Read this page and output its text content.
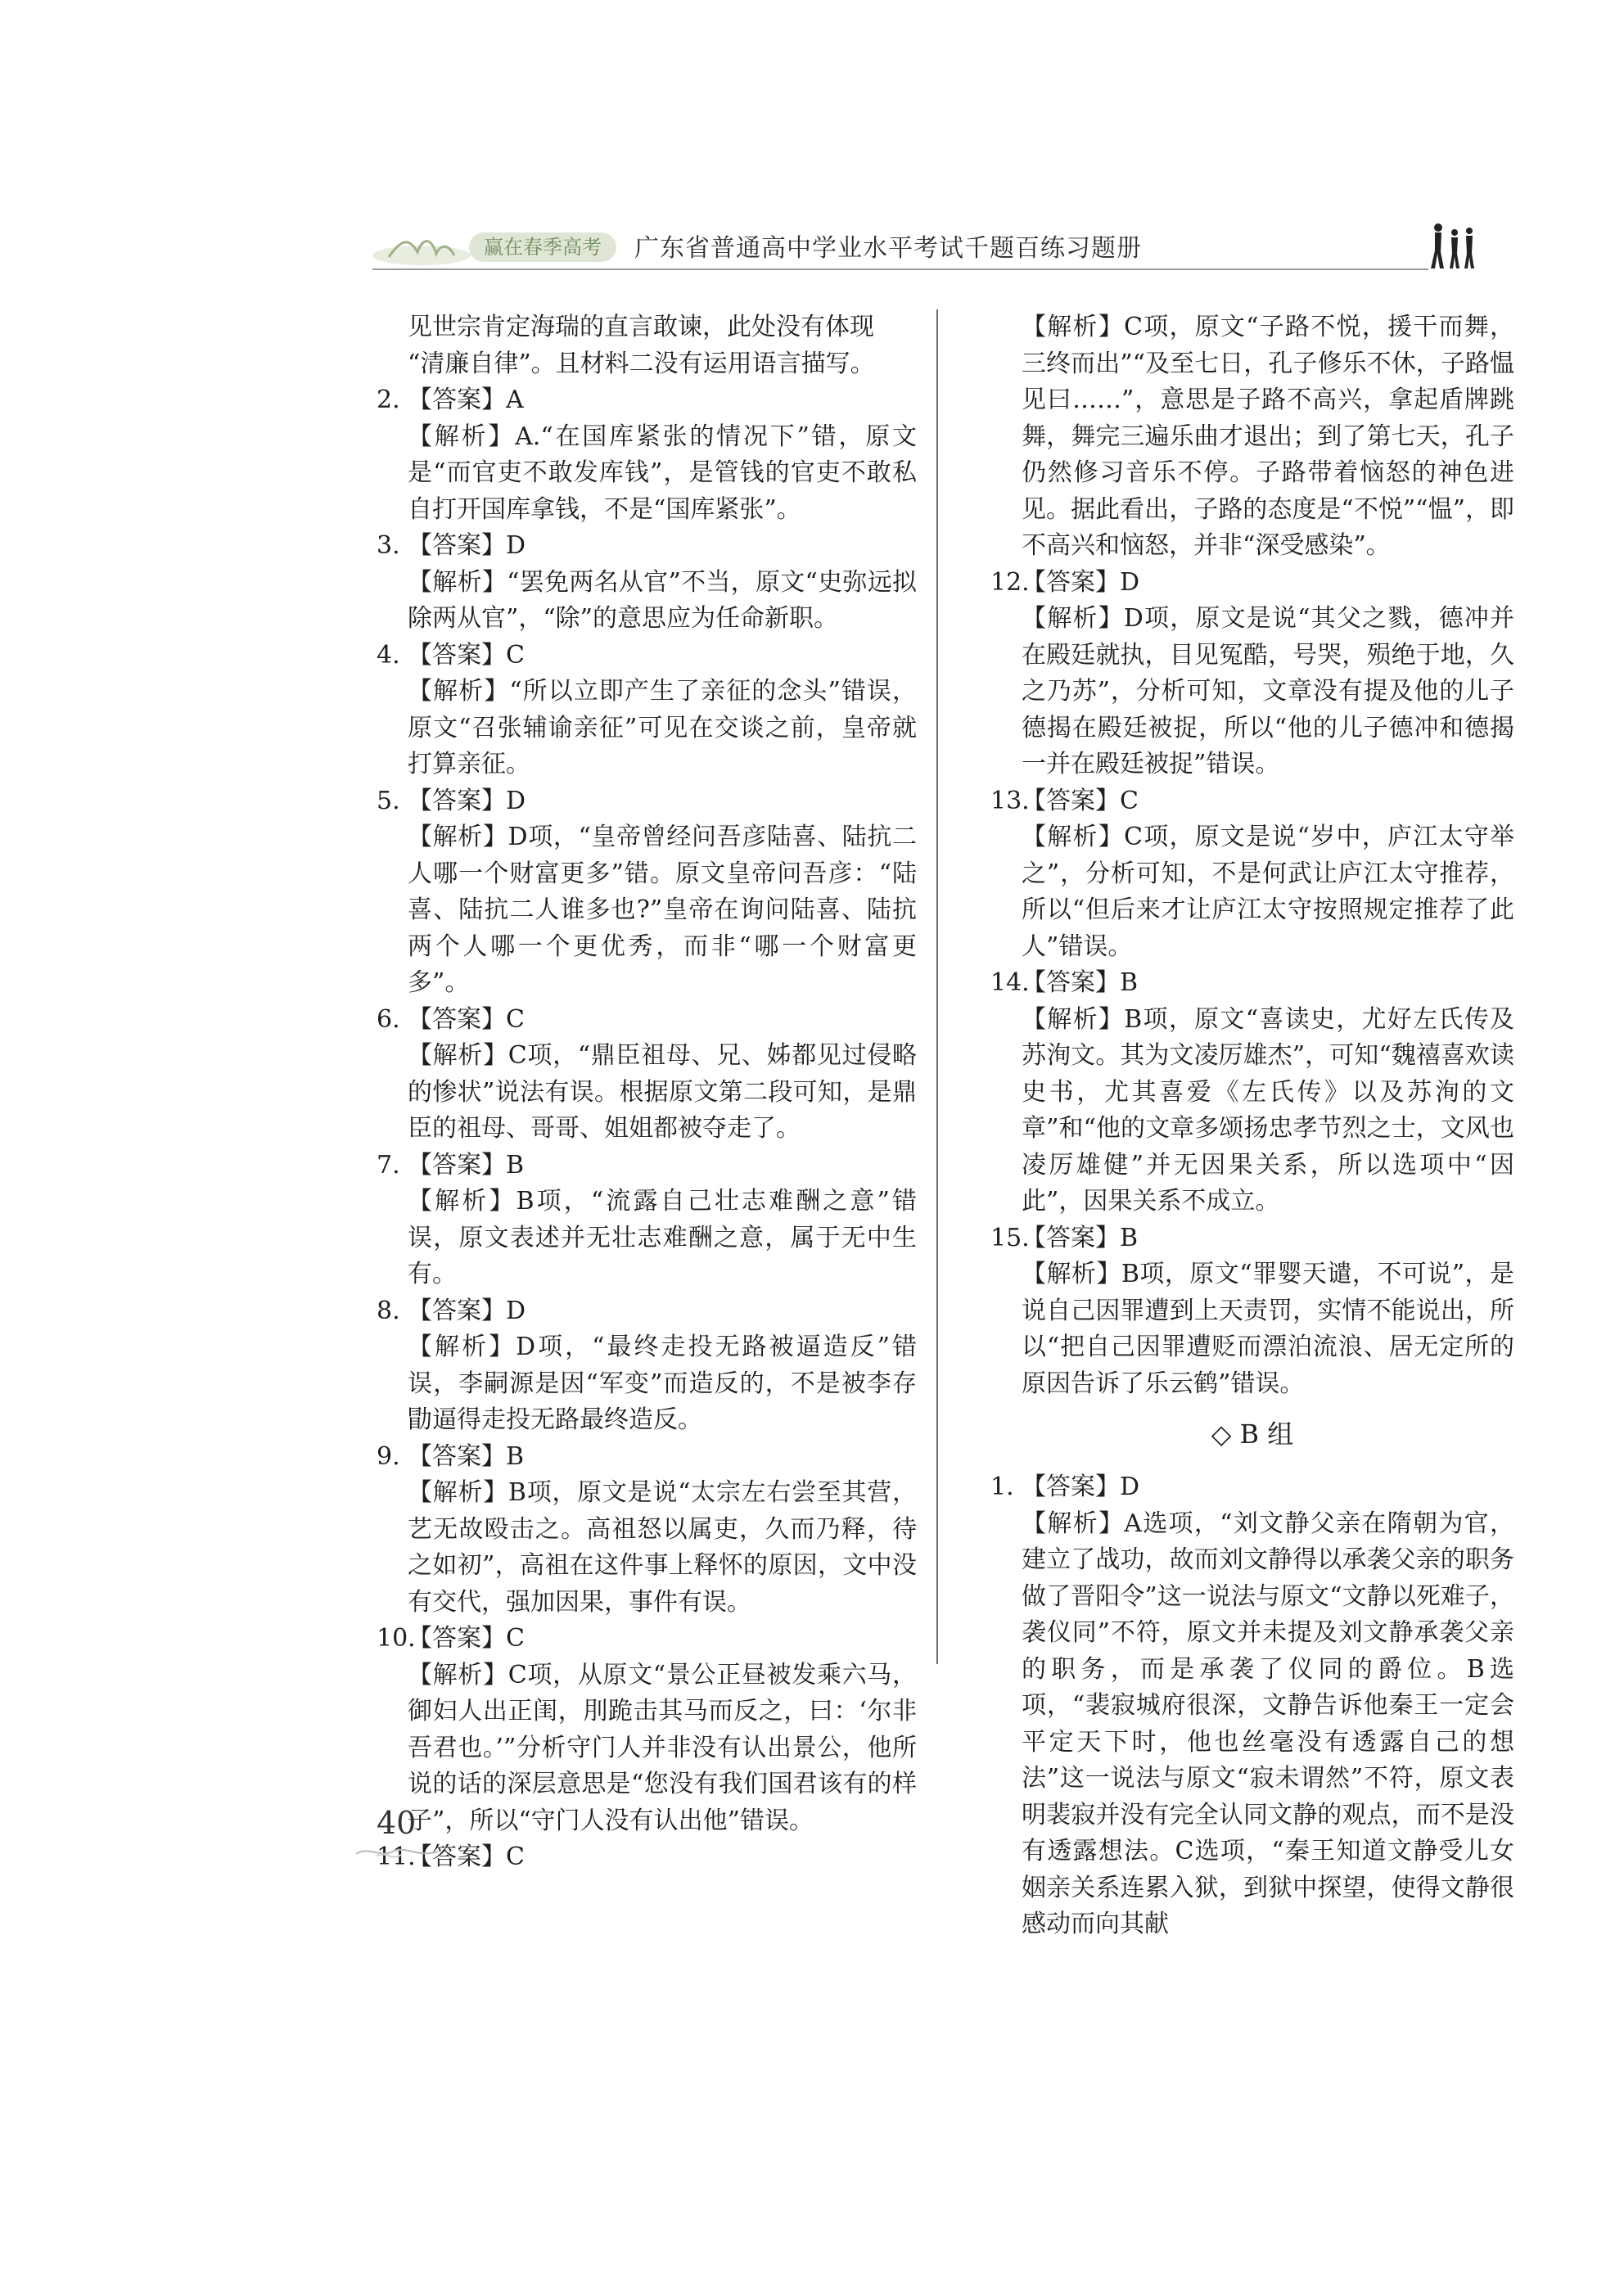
赢在春季高考 广东省普通高中学业水平考试千题百练习题册
见世宗肯定海瑞的直言敢谏，此处没有体现
“清廉自律”。且材料二没有运用语言描写。
2. 【答案】A
【解析】A.“在国库紧张的情况下”错，原文是“而官吏不敢发库钱”，是管钱的官吏不敢私自打开国库拿钱，不是“国库紧张”。
3. 【答案】D
【解析】“罢免两名从官”不当，原文“史弥远拟除两从官”，“除”的意思应为任命新职。
4. 【答案】C
【解析】“所以立即产生了亲征的念头”错误，原文“召张辅谕亲征”可见在交谈之前，皇帝就打算亲征。
5. 【答案】D
【解析】D项，“皇帝曾经问吾彦陆喜、陆抗二人哪一个财富更多”错。原文皇帝问吾彦：“陆喜、陆抗二人谁多也?”皇帝在询问陆喜、陆抗两个人哪一个更优秀，而非“哪一个财富更多”。
6. 【答案】C
【解析】C项，“鼎臣祖母、兄、姊都见过侵略的惨状”说法有误。根据原文第二段可知，是鼎臣的祖母、哥哥、姐姐都被夺走了。
7. 【答案】B
【解析】B项，“流露自己壮志难酬之意”错误，原文表述并无壮志难酬之意，属于无中生有。
8. 【答案】D
【解析】D项，“最终走投无路被逼造反”错误，李嗣源是因“军变”而造反的，不是被李存勖逼得走投无路最终造反。
9. 【答案】B
【解析】B项，原文是说“太宗左右尝至其营，艺无故殴击之。高祖怒以属吏，久而乃释，待之如初”，高祖在这件事上释怀的原因，文中没有交代，强加因果，事件有误。
10.
【答案】C
【解析】C项，从原文“景公正昼被发乘六马，御妇人出正闺，刖跪击其马而反之，曰：‘尔非吾君也。’”分析守门人并非没有认出景公，他所说的话的深层意思是“您没有我们国君该有的样子”，所以“守门人没有认出他”错误。
11.
【答案】C
【解析】C项，原文“子路不悦，援干而舞，三终而出”“及至七日，孔子修乐不休，子路愠见曰……”，意思是子路不高兴，拿起盾牌跳舞，舞完三遍乐曲才退出；到了第七天，孔子仍然修习音乐不停。子路带着恼怒的神色进见。据此看出，子路的态度是“不悦”“愠”，即不高兴和恼怒，并非“深受感染”。
12.
【答案】D
【解析】D项，原文是说“其父之戮，德冲并在殿廷就执，目见冤酷，号哭，殒绝于地，久之乃苏”，分析可知，文章没有提及他的儿子德揭在殿廷被捉，所以“他的儿子德冲和德揭一并在殿廷被捉”错误。
13.
【答案】C
【解析】C项，原文是说“岁中，庐江太守举之”，分析可知，不是何武让庐江太守推荐，所以“但后来才让庐江太守按照规定推荐了此人”错误。
14.
【答案】B
【解析】B项，原文“喜读史，尤好左氏传及苏洵文。其为文凌厉雄杰”，可知“魏禧喜欢读史书，尤其喜爱《左氏传》以及苏洵的文章”和“他的文章多颂扬忠孝节烈之士，文风也凌厉雄健”并无因果关系，所以选项中“因此”，因果关系不成立。
15.
【答案】B
【解析】B项，原文“罪婴天谴，不可说”，是说自己因罪遭到上天责罚，实情不能说出，所以“把自己因罪遭贬而漂泊流浪、居无定所的原因告诉了乐云鹤”错误。
◇ B 组
1. 【答案】D
【解析】A选项，“刘文静父亲在隋朝为官，建立了战功，故而刘文静得以承袭父亲的职务做了晋阳令”这一说法与原文“文静以死难子，袭仪同”不符，原文并未提及刘文静承袭父亲的职务，而是承袭了仪同的爵位。B选项，“裴寂城府很深，文静告诉他秦王一定会平定天下时，他也丝毫没有透露自己的想法”这一说法与原文“寂未谓然”不符，原文表明裴寂并没有完全认同文静的观点，而不是没有透露想法。C选项，“秦王知道文静受儿女姻亲关系连累入狱，到狱中探望，使得文静很感动而向其献
40
